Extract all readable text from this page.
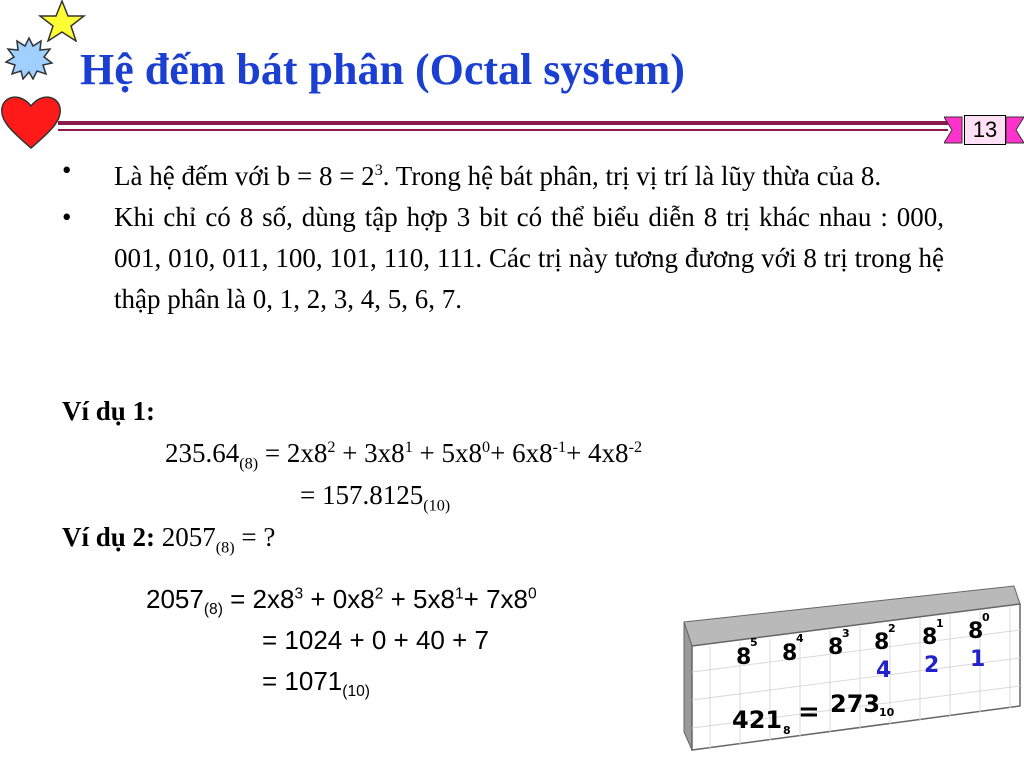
Hệ đếm bát phân (Octal system)
13
• Là hệ đếm với $b = 8 = 2^3$. Trong hệ bát phân, trị vị trí là lũy thừa của 8.
• Khi chỉ có 8 số, dùng tập hợp 3 bit có thể biểu diễn 8 trị khác nhau : 000, 001, 010, 011, 100, 101, 110, 111. Các trị này tương đương với 8 trị trong hệ thập phân là 0, 1, 2, 3, 4, 5, 6, 7.
Ví dụ 1:
$235.64_{(8)} = 2x8^2 + 3x8^1 + 5x8^0+ 6x8^{-1}+ 4x8^{-2}$
= $157.8125_{(10)}$
Ví dụ 2: $2057_{(8)}$ = ?
$2057_{(8)} = 2x8^3 + 0x8^2 + 5x8^1+ 7x8^0$
= 1024 + 0 + 40 + 7
= $1071_{(10)}$
8
5 8
4 8
3 8
2 8
1 8
0
4 2 1
421 8
= 273
10
